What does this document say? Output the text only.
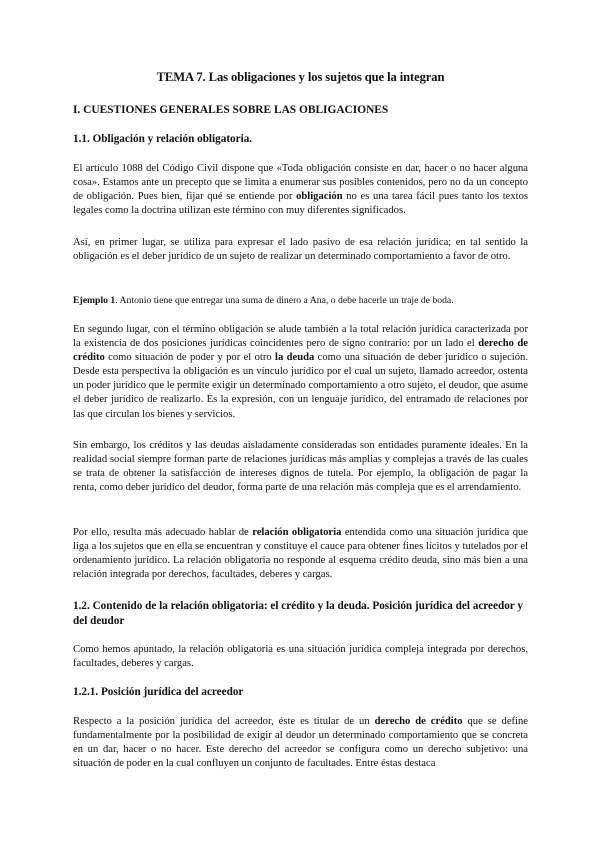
TEMA 7. Las obligaciones y los sujetos que la integran
I. CUESTIONES GENERALES SOBRE LAS OBLIGACIONES
1.1. Obligación y relación obligatoria.
El artículo 1088 del Código Civil dispone que «Toda obligación consiste en dar, hacer o no hacer alguna cosa». Estamos ante un precepto que se limita a enumerar sus posibles contenidos, pero no da un concepto de obligación. Pues bien, fijar qué se entiende por obligación no es una tarea fácil pues tanto los textos legales como la doctrina utilizan este término con muy diferentes significados.
Así, en primer lugar, se utiliza para expresar el lado pasivo de esa relación jurídica; en tal sentido la obligación es el deber jurídico de un sujeto de realizar un determinado comportamiento a favor de otro.
Ejemplo 1. Antonio tiene que entregar una suma de dinero a Ana, o debe hacerle un traje de boda.
En segundo lugar, con el término obligación se alude también a la total relación jurídica caracterizada por la existencia de dos posiciones jurídicas coincidentes pero de signo contrario: por un lado el derecho de crédito como situación de poder y por el otro la deuda como una situación de deber jurídico o sujeción. Desde esta perspectiva la obligación es un vínculo jurídico por el cual un sujeto, llamado acreedor, ostenta un poder jurídico que le permite exigir un determinado comportamiento a otro sujeto, el deudor, que asume el deber jurídico de realizarlo. Es la expresión, con un lenguaje jurídico, del entramado de relaciones por las que circulan los bienes y servicios.
Sin embargo, los créditos y las deudas aisladamente consideradas son entidades puramente ideales. En la realidad social siempre forman parte de relaciones jurídicas más amplias y complejas a través de las cuales se trata de obtener la satisfacción de intereses dignos de tutela. Por ejemplo, la obligación de pagar la renta, como deber jurídico del deudor, forma parte de una relación más compleja que es el arrendamiento.
Por ello, resulta más adecuado hablar de relación obligatoria entendida como una situación jurídica que liga a los sujetos que en ella se encuentran y constituye el cauce para obtener fines lícitos y tutelados por el ordenamiento jurídico. La relación obligatoria no responde al esquema crédito deuda, sino más bien a una relación integrada por derechos, facultades, deberes y cargas.
1.2. Contenido de la relación obligatoria: el crédito y la deuda. Posición jurídica del acreedor y del deudor
Como hemos apuntado, la relación obligatoria es una situación jurídica compleja integrada por derechos, facultades, deberes y cargas.
1.2.1. Posición jurídica del acreedor
Respecto a la posición jurídica del acreedor, éste es titular de un derecho de crédito que se define fundamentalmente por la posibilidad de exigir al deudor un determinado comportamiento que se concreta en un dar, hacer o no hacer. Este derecho del acreedor se configura como un derecho subjetivo: una situación de poder en la cual confluyen un conjunto de facultades. Entre éstas destaca
